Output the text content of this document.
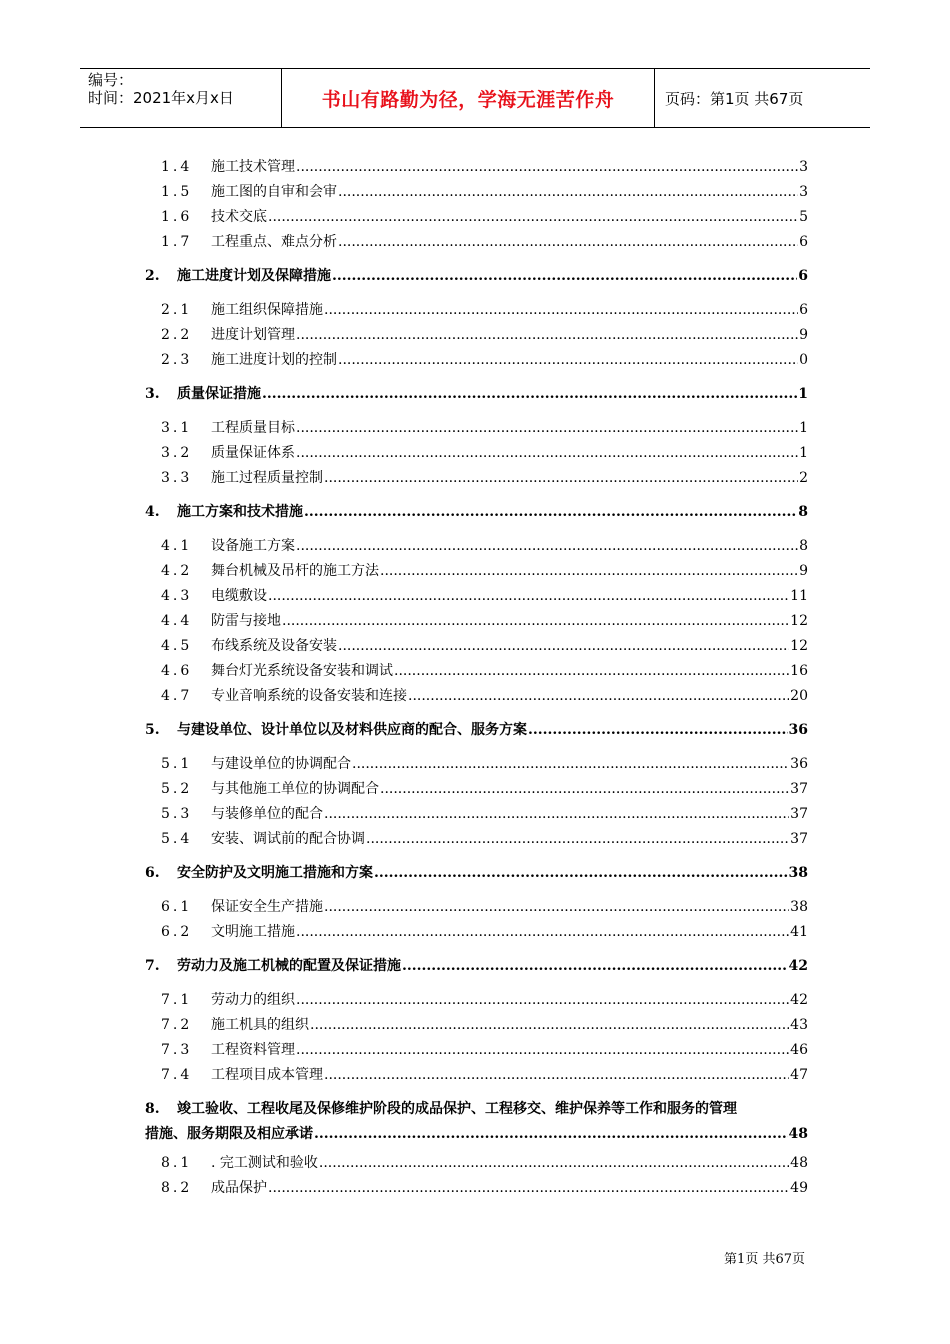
编号：
时间：2021年x月x日	书山有路勤为径，学海无涯苦作舟	页码：第1页 共67页
1.4	施工技术管理 .....	3
1.5	施工图的自审和会审 .....	3
1.6	技术交底 .....	5
1.7	工程重点、难点分析 .....	6
2.	施工进度计划及保障措施 .....	6
2.1	施工组织保障措施 .....	6
2.2	进度计划管理 .....	9
2.3	施工进度计划的控制 .....	0
3.	质量保证措施 .....	1
3.1	工程质量目标 .....	1
3.2	质量保证体系 .....	1
3.3	施工过程质量控制 .....	2
4.	施工方案和技术措施 .....	8
4.1	设备施工方案 .....	8
4.2	舞台机械及吊杆的施工方法 .....	9
4.3	电缆敷设 .....	11
4.4	防雷与接地 .....	12
4.5	布线系统及设备安装 .....	12
4.6	舞台灯光系统设备安装和调试 .....	16
4.7	专业音响系统的设备安装和连接 .....	20
5.	与建设单位、设计单位以及材料供应商的配合、服务方案 .....	36
5.1	与建设单位的协调配合 .....	36
5.2	与其他施工单位的协调配合 .....	37
5.3	与装修单位的配合 .....	37
5.4	安装、调试前的配合协调 .....	37
6.	安全防护及文明施工措施和方案 .....	38
6.1	保证安全生产措施 .....	38
6.2	文明施工措施 .....	41
7.	劳动力及施工机械的配置及保证措施 .....	42
7.1	劳动力的组织 .....	42
7.2	施工机具的组织 .....	43
7.3	工程资料管理 .....	46
7.4	工程项目成本管理 .....	47
8.	竣工验收、工程收尾及保修维护阶段的成品保护、工程移交、维护保养等工作和服务的管理
措施、服务期限及相应承诺 .....	48
8.1	. 完工测试和验收 .....	48
8.2	成品保护 .....	49
第1页 共67页
